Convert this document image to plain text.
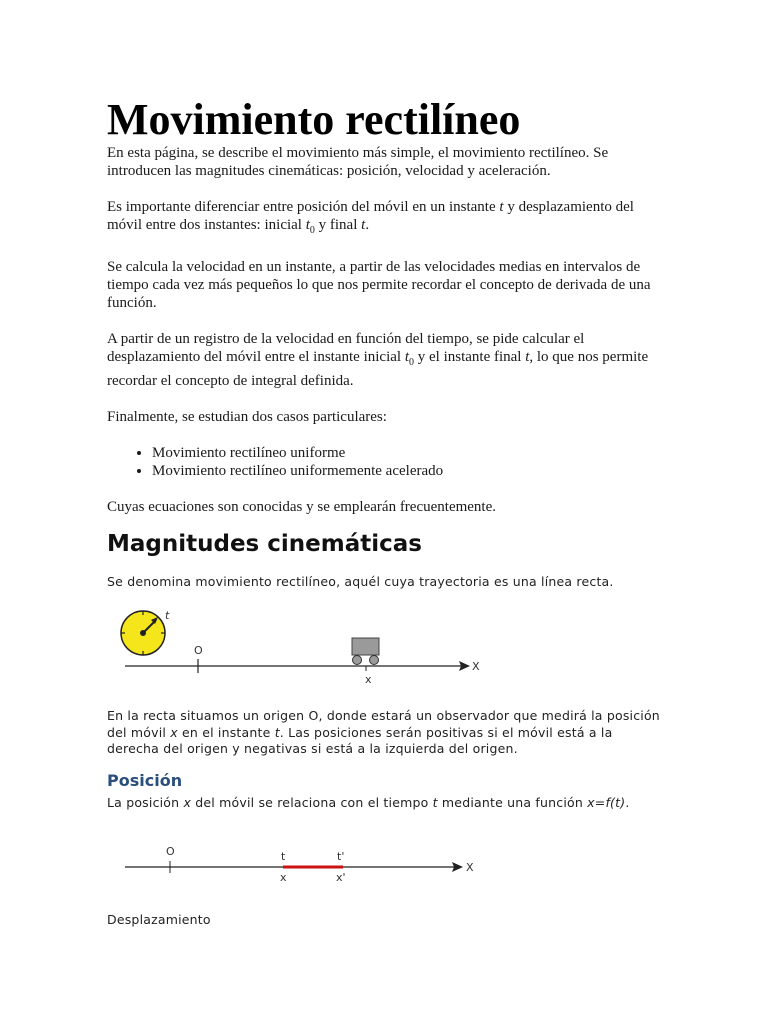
Movimiento rectilíneo

En esta página, se describe el movimiento más simple, el movimiento rectilíneo. Se introducen las magnitudes cinemáticas: posición, velocidad y aceleración.

Es importante diferenciar entre posición del móvil en un instante t y desplazamiento del móvil entre dos instantes: inicial $t_0$ y final t.

Se calcula la velocidad en un instante, a partir de las velocidades medias en intervalos de tiempo cada vez más pequeños lo que nos permite recordar el concepto de derivada de una función.

A partir de un registro de la velocidad en función del tiempo, se pide calcular el desplazamiento del móvil entre el instante inicial $t_0$ y el instante final t, lo que nos permite recordar el concepto de integral definida.

Finalmente, se estudian dos casos particulares:

• Movimiento rectilíneo uniforme
• Movimiento rectilíneo uniformemente acelerado

Cuyas ecuaciones son conocidas y se emplearán frecuentemente.

Magnitudes cinemáticas

Se denomina movimiento rectilíneo, aquél cuya trayectoria es una línea recta.

t
X
O
x

En la recta situamos un origen O, donde estará un observador que medirá la posición del móvil x en el instante t. Las posiciones serán positivas si el móvil está a la derecha del origen y negativas si está a la izquierda del origen.

Posición

La posición x del móvil se relaciona con el tiempo t mediante una función x=f(t).

X
O	t	t'
x	x'

Desplazamiento
